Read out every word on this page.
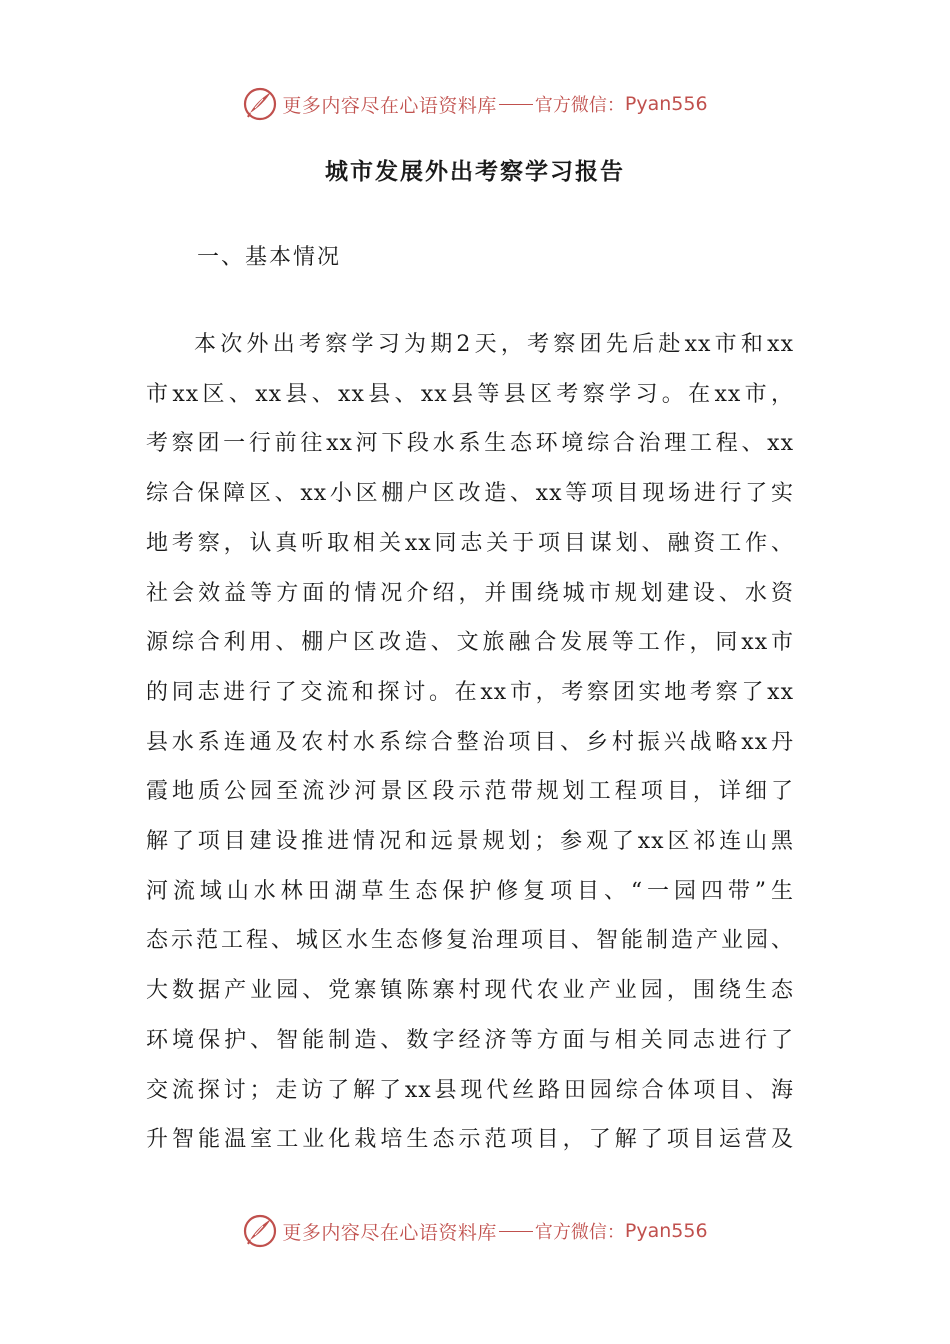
更多内容尽在心语资料库 官方微信： Pyan556
城市发展外出考察学习报告
一、基本情况
本次外出考察学习为期2天，考察团先后赴xx市和xx
市xx区、xx县、xx县、xx县等县区考察学习。在xx市，
考察团一行前往xx河下段水系生态环境综合治理工程、xx
综合保障区、xx小区棚户区改造、xx等项目现场进行了实
地考察，认真听取相关xx同志关于项目谋划、融资工作、
社会效益等方面的情况介绍，并围绕城市规划建设、水资
源综合利用、棚户区改造、文旅融合发展等工作，同xx市
的同志进行了交流和探讨。在xx市，考察团实地考察了xx
县水系连通及农村水系综合整治项目、乡村振兴战略xx丹
霞地质公园至流沙河景区段示范带规划工程项目，详细了
解了项目建设推进情况和远景规划；参观了xx区祁连山黑
河流域山水林田湖草生态保护修复项目、“一园四带”生
态示范工程、城区水生态修复治理项目、智能制造产业园、
大数据产业园、党寨镇陈寨村现代农业产业园，围绕生态
环境保护、智能制造、数字经济等方面与相关同志进行了
交流探讨；走访了解了xx县现代丝路田园综合体项目、海
升智能温室工业化栽培生态示范项目，了解了项目运营及
更多内容尽在心语资料库 官方微信： Pyan556
